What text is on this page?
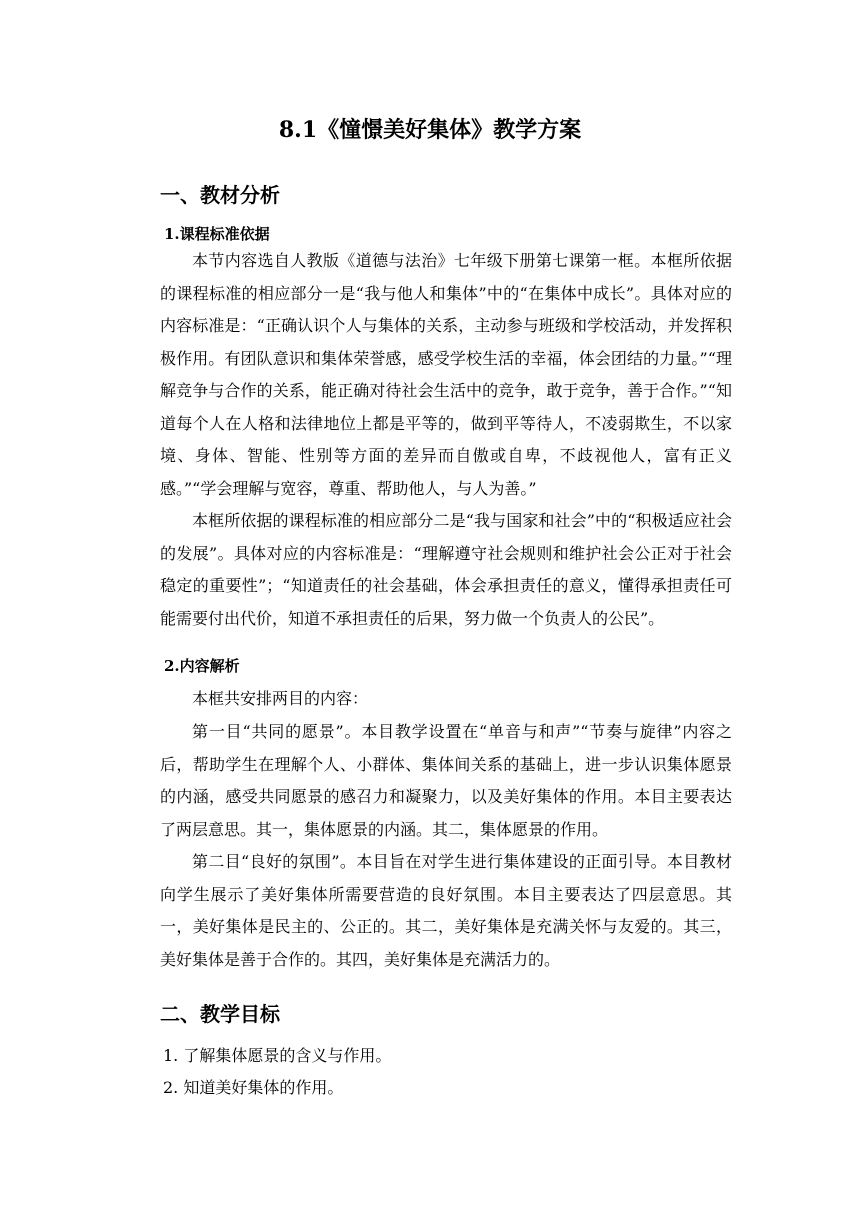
8.1《憧憬美好集体》教学方案
一、教材分析
1.课程标准依据

本节内容选自人教版《道德与法治》七年级下册第七课第一框。本框所依据的课程标准的相应部分一是“我与他人和集体”中的“在集体中成长”。具体对应的内容标准是：“正确认识个人与集体的关系，主动参与班级和学校活动，并发挥积极作用。有团队意识和集体荣誉感，感受学校生活的幸福，体会团结的力量。”“理解竞争与合作的关系，能正确对待社会生活中的竞争，敢于竞争，善于合作。”“知道每个人在人格和法律地位上都是平等的，做到平等待人，不凌弱欺生，不以家境、身体、智能、性别等方面的差异而自傲或自卑，不歧视他人，富有正义感。”“学会理解与宽容，尊重、帮助他人，与人为善。”

本框所依据的课程标准的相应部分二是“我与国家和社会”中的“积极适应社会的发展”。具体对应的内容标准是：“理解遵守社会规则和维护社会公正对于社会稳定的重要性”；“知道责任的社会基础，体会承担责任的意义，懂得承担责任可能需要付出代价，知道不承担责任的后果，努力做一个负责人的公民”。

2.内容解析

本框共安排两目的内容：

第一目“共同的愿景”。本目教学设置在“单音与和声”“节奏与旋律”内容之后，帮助学生在理解个人、小群体、集体间关系的基础上，进一步认识集体愿景的内涵，感受共同愿景的感召力和凝聚力，以及美好集体的作用。本目主要表达了两层意思。其一，集体愿景的内涵。其二，集体愿景的作用。

第二目“良好的氛围”。本目旨在对学生进行集体建设的正面引导。本目教材向学生展示了美好集体所需要营造的良好氛围。本目主要表达了四层意思。其一，美好集体是民主的、公正的。其二，美好集体是充满关怀与友爱的。其三，美好集体是善于合作的。其四，美好集体是充满活力的。

二、教学目标

1. 了解集体愿景的含义与作用。

2. 知道美好集体的作用。
